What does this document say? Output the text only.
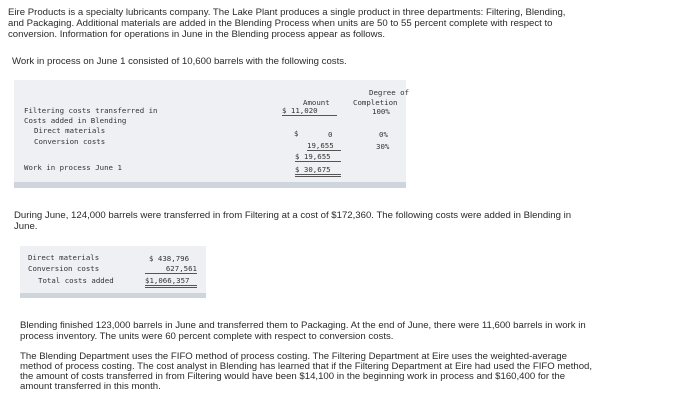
Eire Products is a specialty lubricants company. The Lake Plant produces a single product in three departments: Filtering, Blending,

and Packaging. Additional materials are added in the Blending Process when units are 50 to 55 percent complete with respect to

conversion. Information for operations in June in the Blending process appear as follows.

Work in process on June 1 consisted of 10,600 barrels with the following costs.

Amount
Degree of
Completion
Filtering costs transferred in	$ 11,020	100%
Costs added in Blending
Direct materials	$	0	0%
Conversion costs	19,655	30%
$ 19,655
Work in process June 1	$ 30,675

During June, 124,000 barrels were transferred in from Filtering at a cost of $172,360. The following costs were added in Blending in

June.

Direct materials	$ 438,796
Conversion costs	627,561
Total costs added	$1,066,357

Blending finished 123,000 barrels in June and transferred them to Packaging. At the end of June, there were 11,600 barrels in work in

process inventory. The units were 60 percent complete with respect to conversion costs.

The Blending Department uses the FIFO method of process costing. The Filtering Department at Eire uses the weighted-average

method of process costing. The cost analyst in Blending has learned that if the Filtering Department at Eire had used the FIFO method,

the amount of costs transferred in from Filtering would have been $14,100 in the beginning work in process and $160,400 for the

amount transferred in this month.
